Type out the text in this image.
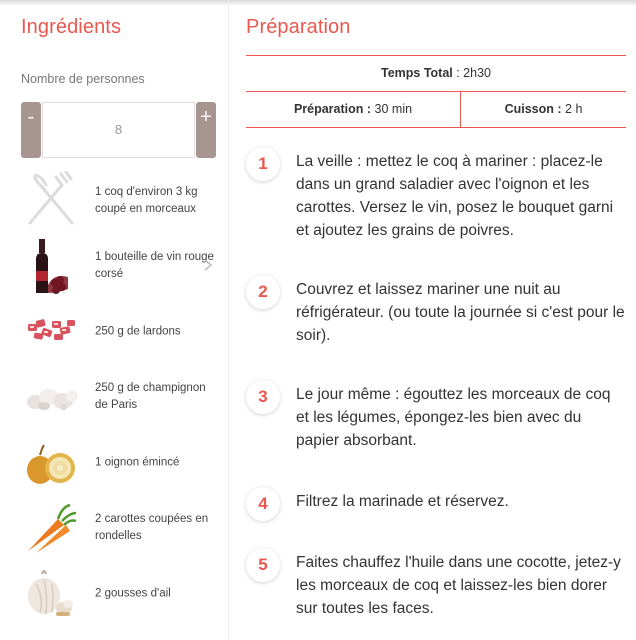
Ingrédients
Nombre de personnes
-
8
+
1 coq d'environ 3 kg coupé en morceaux
1 bouteille de vin rouge corsé
250 g de lardons
250 g de champignon de Paris
1 oignon émincé
2 carottes coupées en rondelles
2 gousses d'ail
Préparation
Temps Total : 2h30
Préparation : 30 min	Cuisson : 2 h
1	La veille : mettez le coq à mariner : placez-le dans un grand saladier avec l'oignon et les carottes. Versez le vin, posez le bouquet garni et ajoutez les grains de poivres.
2	Couvrez et laissez mariner une nuit au réfrigérateur. (ou toute la journée si c'est pour le soir).
3	Le jour même : égouttez les morceaux de coq et les légumes, épongez-les bien avec du papier absorbant.
4	Filtrez la marinade et réservez.
5	Faites chauffez l'huile dans une cocotte, jetez-y les morceaux de coq et laissez-les bien dorer sur toutes les faces.
